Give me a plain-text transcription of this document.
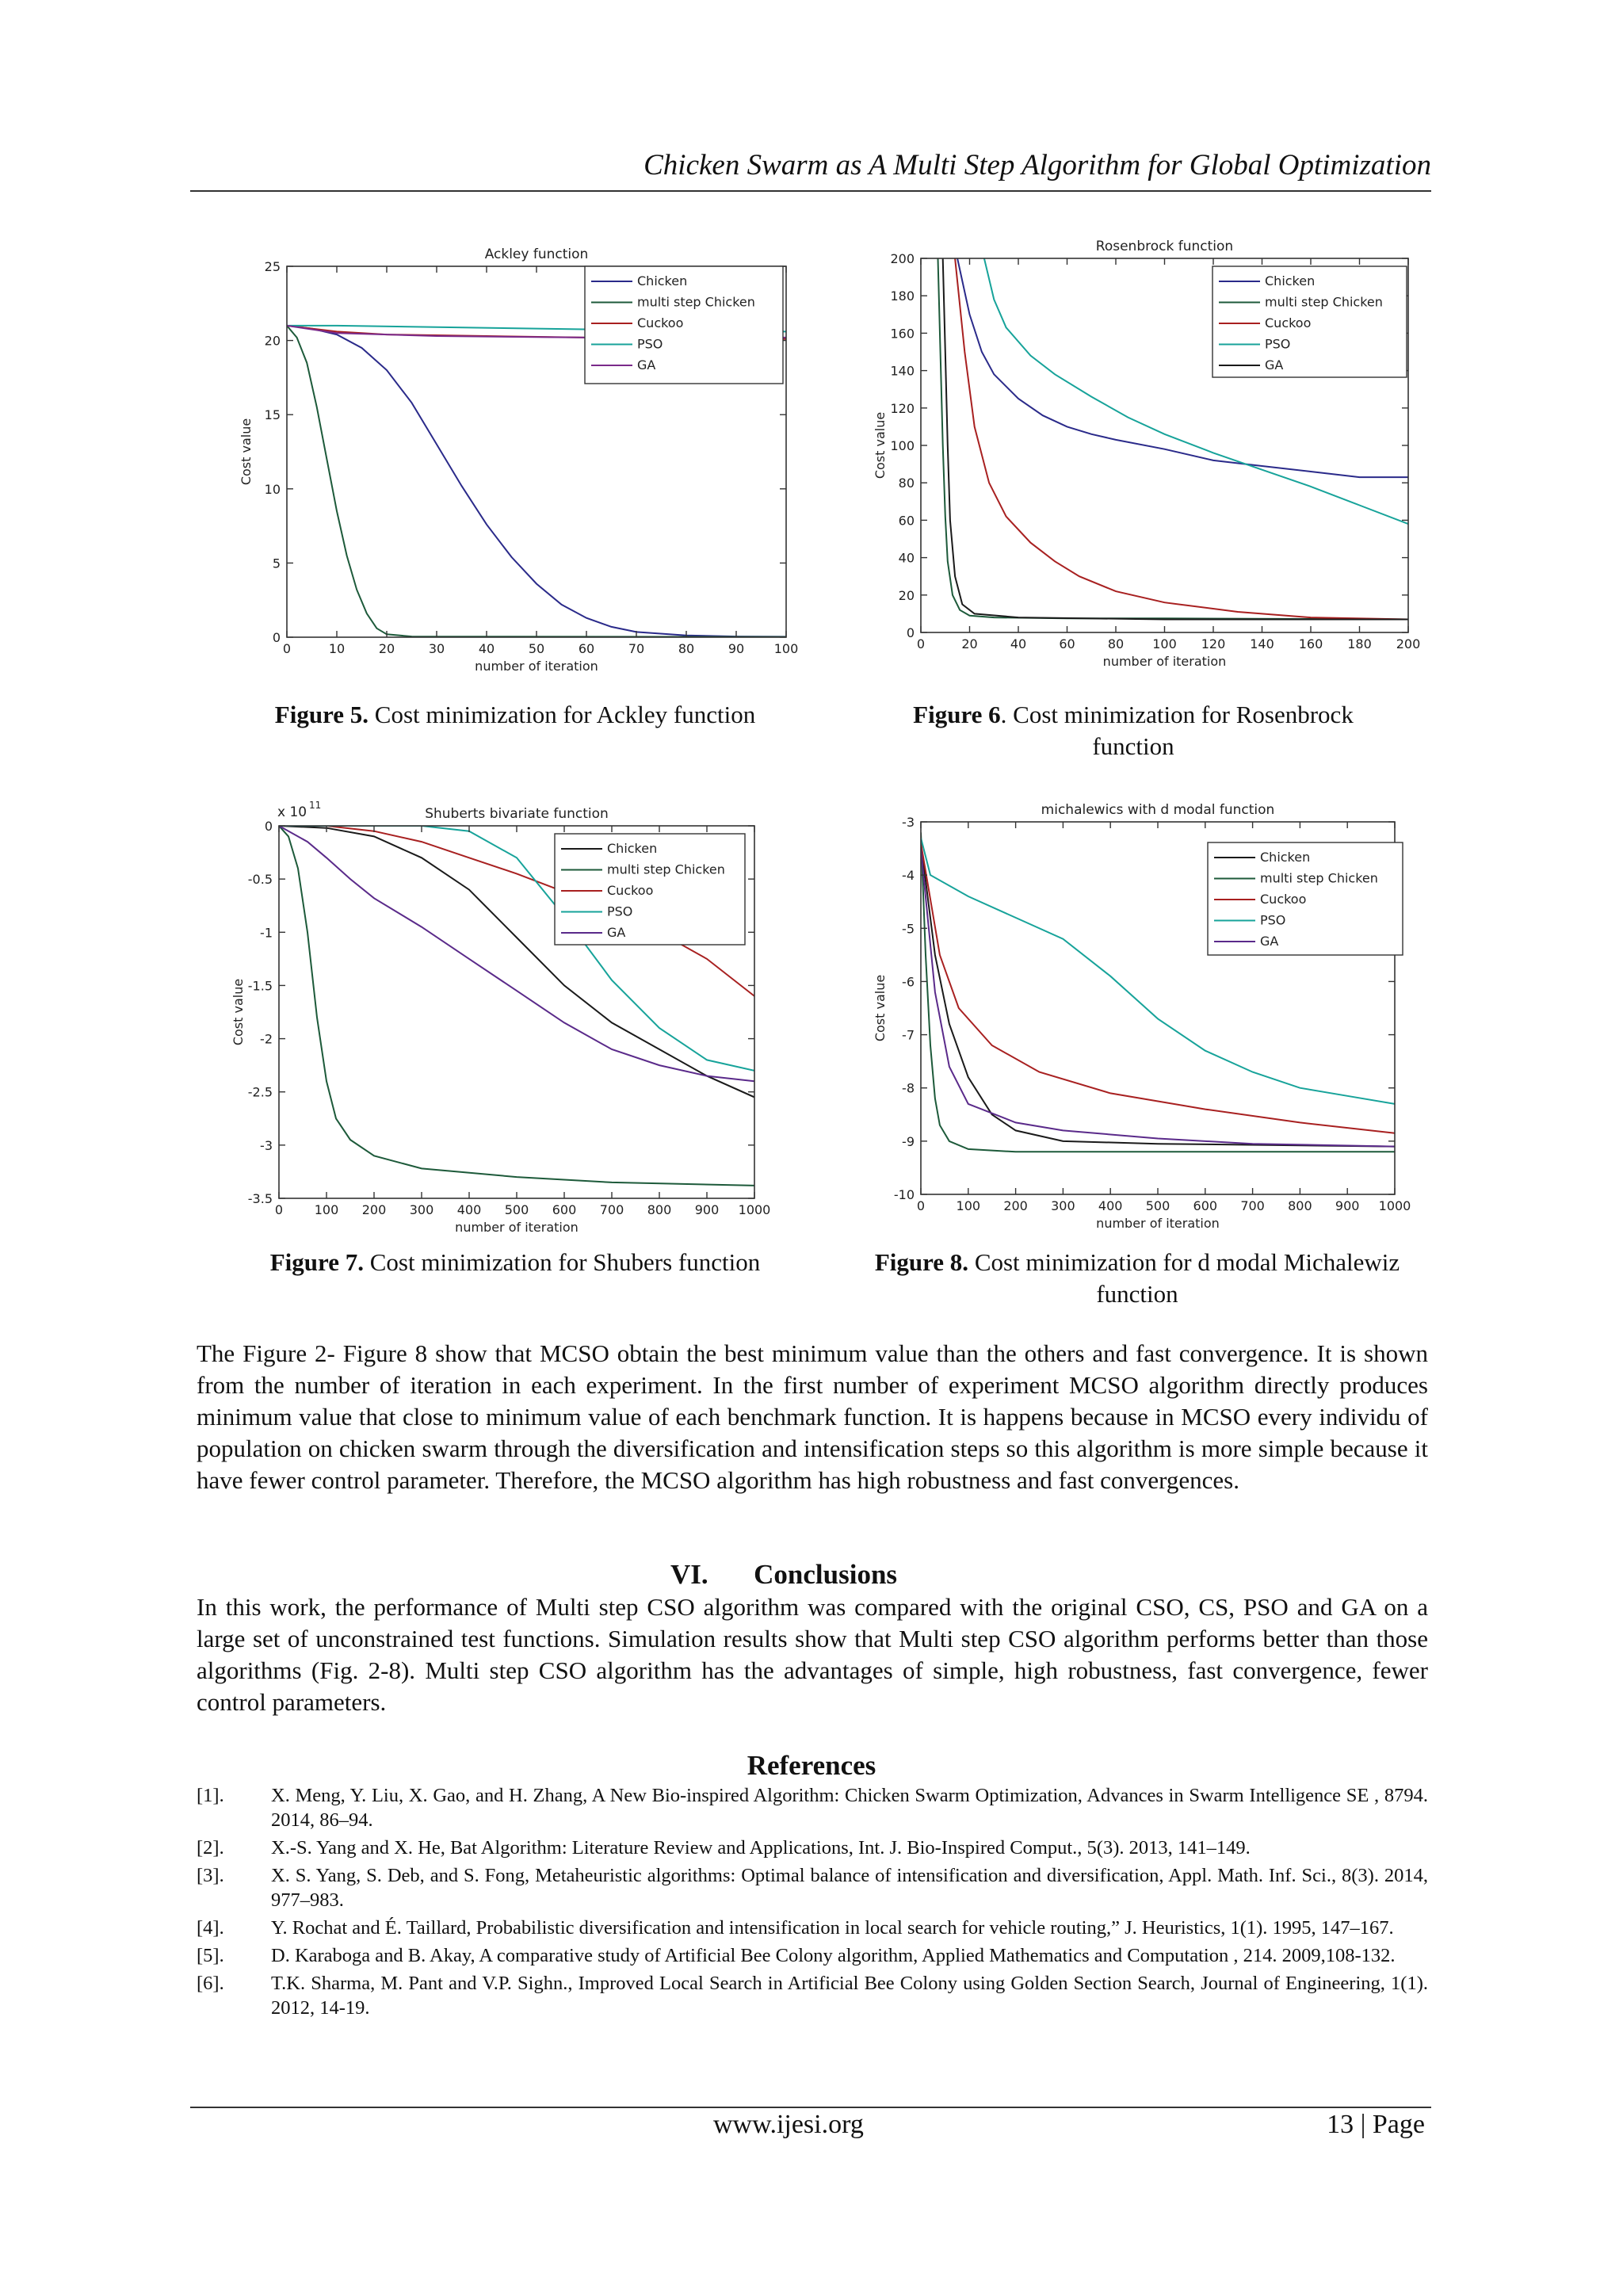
Chicken Swarm as A Multi Step Algorithm for Global Optimization
Ackley function
0	10	20	30	40	50	60	70	80	90 100
0
5
10
15
20
25
number of iteration
Cost value
Chicken
multi step Chicken
Cuckoo
PSO
GA
Rosenbrock function
0	20	40	60	80 100 120 140 160 180 200
0
20
40
60
80
100
120
140
160
180
200
number of iteration
Cost value
Chicken
multi step Chicken
Cuckoo
PSO
GA
Shuberts bivariate function
x 10 11
0 100 200 300 400 500 600 700 800 900 1000
-3.5
-3
-2.5
-2
-1.5
-1
-0.5
0
number of iteration
Cost value
Chicken
multi step Chicken
Cuckoo
PSO
GA
michalewics with d modal function
0 100 200 300 400 500 600 700 800 900 1000
-10
-9
-8
-7
-6
-5
-4
-3
number of iteration
Cost value
Chicken
multi step Chicken
Cuckoo
PSO
GA
Figure 5. Cost minimization for Ackley function	Figure 6. Cost minimization for Rosenbrock function
Figure 7. Cost minimization for Shubers function	Figure 8. Cost minimization for d modal Michalewiz function
The Figure 2- Figure 8 show that MCSO obtain the best minimum value than the others and fast convergence. It is shown from the number of iteration in each experiment. In the first number of experiment MCSO algorithm directly produces minimum value that close to minimum value of each benchmark function. It is happens because in MCSO every individu of population on chicken swarm through the diversification and intensification steps so this algorithm is more simple because it have fewer control parameter. Therefore, the MCSO algorithm has high robustness and fast convergences.
VI. Conclusions
In this work, the performance of Multi step CSO algorithm was compared with the original CSO, CS, PSO and GA on a large set of unconstrained test functions. Simulation results show that Multi step CSO algorithm performs better than those algorithms (Fig. 2-8). Multi step CSO algorithm has the advantages of simple, high robustness, fast convergence, fewer control parameters.
References
[1].	X. Meng, Y. Liu, X. Gao, and H. Zhang, A New Bio-inspired Algorithm: Chicken Swarm Optimization, Advances in Swarm Intelligence SE , 8794. 2014, 86–94.
[2].	X.-S. Yang and X. He, Bat Algorithm: Literature Review and Applications, Int. J. Bio-Inspired Comput., 5(3). 2013, 141–149.
[3].	X. S. Yang, S. Deb, and S. Fong, Metaheuristic algorithms: Optimal balance of intensification and diversification, Appl. Math. Inf. Sci., 8(3). 2014, 977–983.
[4].	Y. Rochat and É. Taillard, Probabilistic diversification and intensification in local search for vehicle routing,” J. Heuristics, 1(1). 1995, 147–167.
[5].	D. Karaboga and B. Akay, A comparative study of Artificial Bee Colony algorithm, Applied Mathematics and Computation , 214. 2009,108-132.
[6].	T.K. Sharma, M. Pant and V.P. Sighn., Improved Local Search in Artificial Bee Colony using Golden Section Search, Journal of Engineering, 1(1). 2012, 14-19.
www.ijesi.org	13 | Page
